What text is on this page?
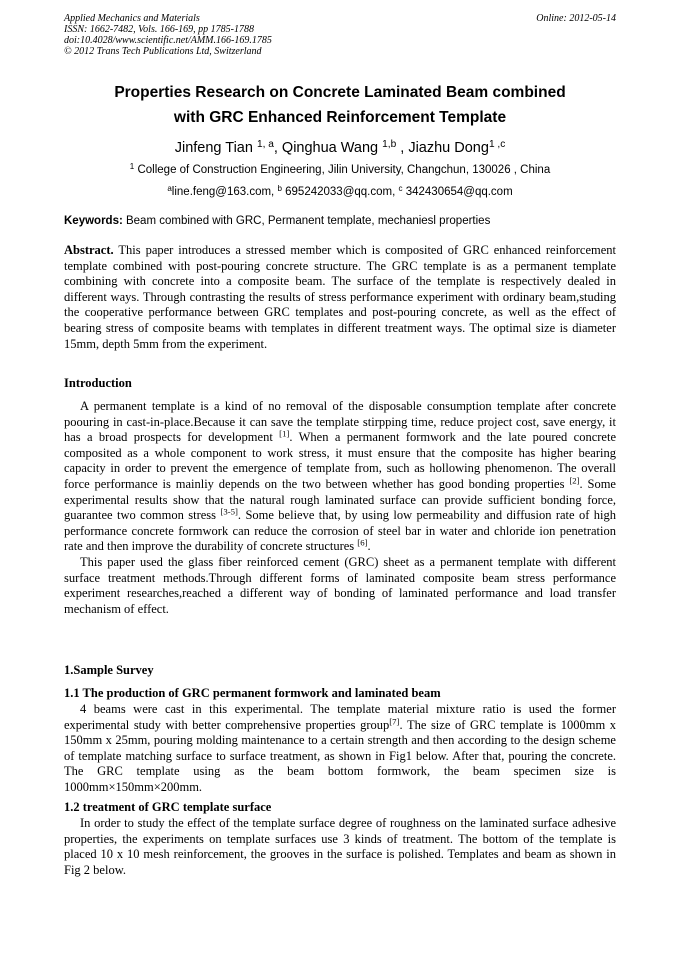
Applied Mechanics and Materials
ISSN: 1662-7482, Vols. 166-169, pp 1785-1788
doi:10.4028/www.scientific.net/AMM.166-169.1785
© 2012 Trans Tech Publications Ltd, Switzerland
Online: 2012-05-14
Properties Research on Concrete Laminated Beam combined
with GRC Enhanced Reinforcement Template
Jinfeng Tian $^{1, a}$, Qinghua Wang $^{1,b}$ , Jiazhu Dong$^{1 ,c}$
$^1$ College of Construction Engineering, Jilin University, Changchun, 130026 , China
$^a$line.feng@163.com, $^b$ 695242033@qq.com, $^c$ 342430654@qq.com
Keywords: Beam combined with GRC, Permanent template, mechaniesl properties
Abstract. This paper introduces a stressed member which is composited of GRC enhanced reinforcement template combined with post-pouring concrete structure. The GRC template is as a permanent template combining with concrete into a composite beam. The surface of the template is respectively dealed in different ways. Through contrasting the results of stress performance experiment with ordinary beam,studing the cooperative performance between GRC templates and post-pouring concrete, as well as the effect of bearing stress of composite beams with templates in different treatment ways. The optimal size is diameter 15mm, depth 5mm from the experiment.
Introduction

A permanent template is a kind of no removal of the disposable consumption template after concrete poouring in cast-in-place.Because it can save the template stirpping time, reduce project cost, save energy, it has a broad prospects for development [1]. When a permanent formwork and the late poured concrete composited as a whole component to work stress, it must ensure that the composite has higher bearing capacity in order to prevent the emergence of template from, such as hollowing phenomenon. The overall force performance is mainliy depends on the two between whether has good bonding properties [2]. Some experimental results show that the natural rough laminated surface can provide sufficient bonding force, guarantee two common stress [3-5]. Some believe that, by using low permeability and diffusion rate of high performance concrete formwork can reduce the corrosion of steel bar in water and chloride ion penetration rate and then improve the durability of concrete structures [6].

This paper used the glass fiber reinforced cement (GRC) sheet as a permanent template with different surface treatment methods.Through different forms of laminated composite beam stress performance experiment researches,reached a different way of bonding of laminated performance and load transfer mechanism of effect.

1.Sample Survey
1.1 The production of GRC permanent formwork and laminated beam

4 beams were cast in this experimental. The template material mixture ratio is used the former experimental study with better comprehensive properties group[7]. The size of GRC template is 1000mm x 150mm x 25mm, pouring molding maintenance to a certain strength and then according to the design scheme of template matching surface to surface treatment, as shown in Fig1 below. After that, pouring the concrete. The GRC template using as the beam bottom formwork, the beam specimen size is 1000mm×150mm×200mm.

1.2 treatment of GRC template surface

In order to study the effect of the template surface degree of roughness on the laminated surface adhesive properties, the experiments on template surfaces use 3 kinds of treatment. The bottom of the template is placed 10 x 10 mesh reinforcement, the grooves in the surface is polished. Templates and beam as shown in Fig 2 below.
